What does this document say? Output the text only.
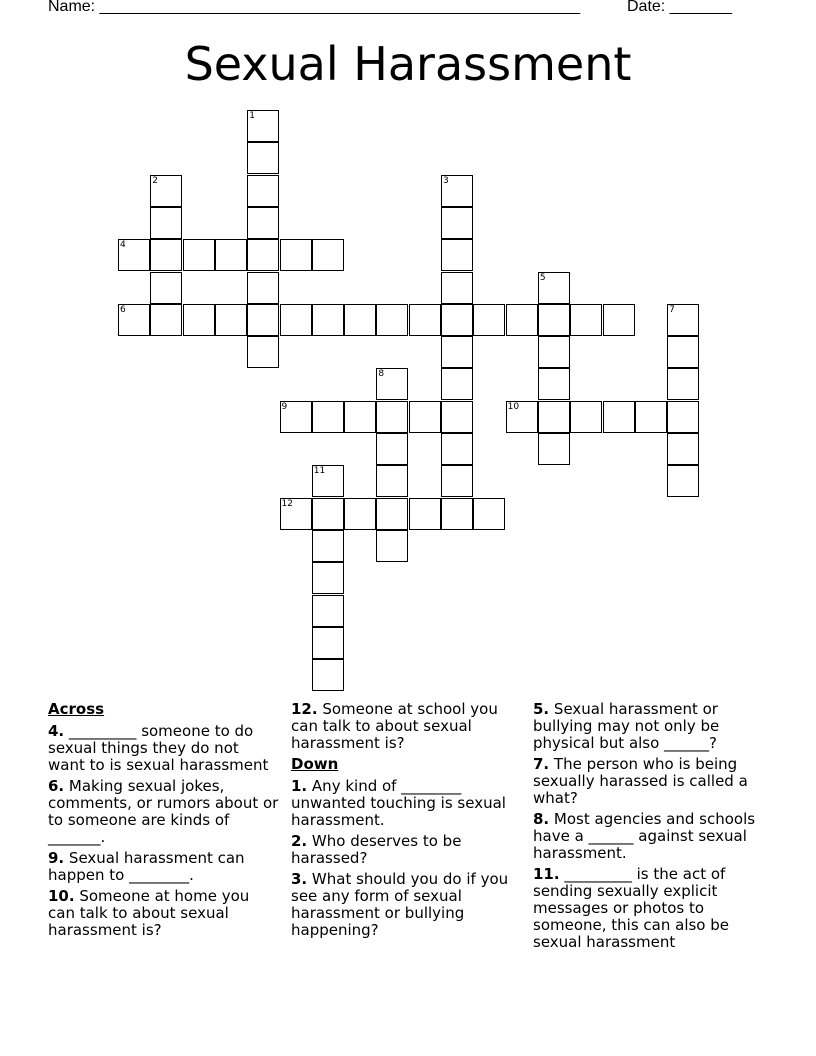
Name: ______________________________________________________	Date: _______
Sexual Harassment
1
2	3
4
5
6	7
8
9	10
11
12
Across
4. _________ someone to do sexual things they do not want to is sexual harassment
6. Making sexual jokes, comments, or rumors about or to someone are kinds of _______.
9. Sexual harassment can happen to ________.
10. Someone at home you can talk to about sexual harassment is?
12. Someone at school you can talk to about sexual harassment is?
Down
1. Any kind of ________ unwanted touching is sexual harassment.
2. Who deserves to be harassed?
3. What should you do if you see any form of sexual harassment or bullying happening?
5. Sexual harassment or bullying may not only be physical but also ______?
7. The person who is being sexually harassed is called a what?
8. Most agencies and schools have a ______ against sexual harassment.
11. _________ is the act of sending sexually explicit messages or photos to someone, this can also be sexual harassment
